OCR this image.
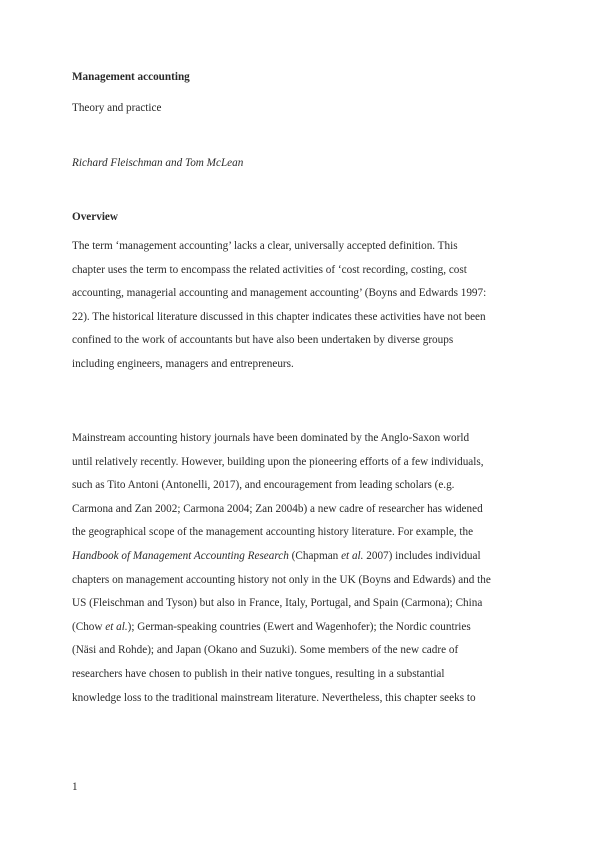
Management accounting
Theory and practice
Richard Fleischman and Tom McLean
Overview

The term ‘management accounting’ lacks a clear, universally accepted definition. This
chapter uses the term to encompass the related activities of ‘cost recording, costing, cost
accounting, managerial accounting and management accounting’ (Boyns and Edwards 1997:
22). The historical literature discussed in this chapter indicates these activities have not been
confined to the work of accountants but have also been undertaken by diverse groups
including engineers, managers and entrepreneurs.

Mainstream accounting history journals have been dominated by the Anglo-Saxon world
until relatively recently. However, building upon the pioneering efforts of a few individuals,
such as Tito Antoni (Antonelli, 2017), and encouragement from leading scholars (e.g.
Carmona and Zan 2002; Carmona 2004; Zan 2004b) a new cadre of researcher has widened
the geographical scope of the management accounting history literature. For example, the
Handbook of Management Accounting Research (Chapman et al. 2007) includes individual
chapters on management accounting history not only in the UK (Boyns and Edwards) and the
US (Fleischman and Tyson) but also in France, Italy, Portugal, and Spain (Carmona); China
(Chow et al.); German-speaking countries (Ewert and Wagenhofer); the Nordic countries
(Näsi and Rohde); and Japan (Okano and Suzuki). Some members of the new cadre of
researchers have chosen to publish in their native tongues, resulting in a substantial
knowledge loss to the traditional mainstream literature. Nevertheless, this chapter seeks to

1
